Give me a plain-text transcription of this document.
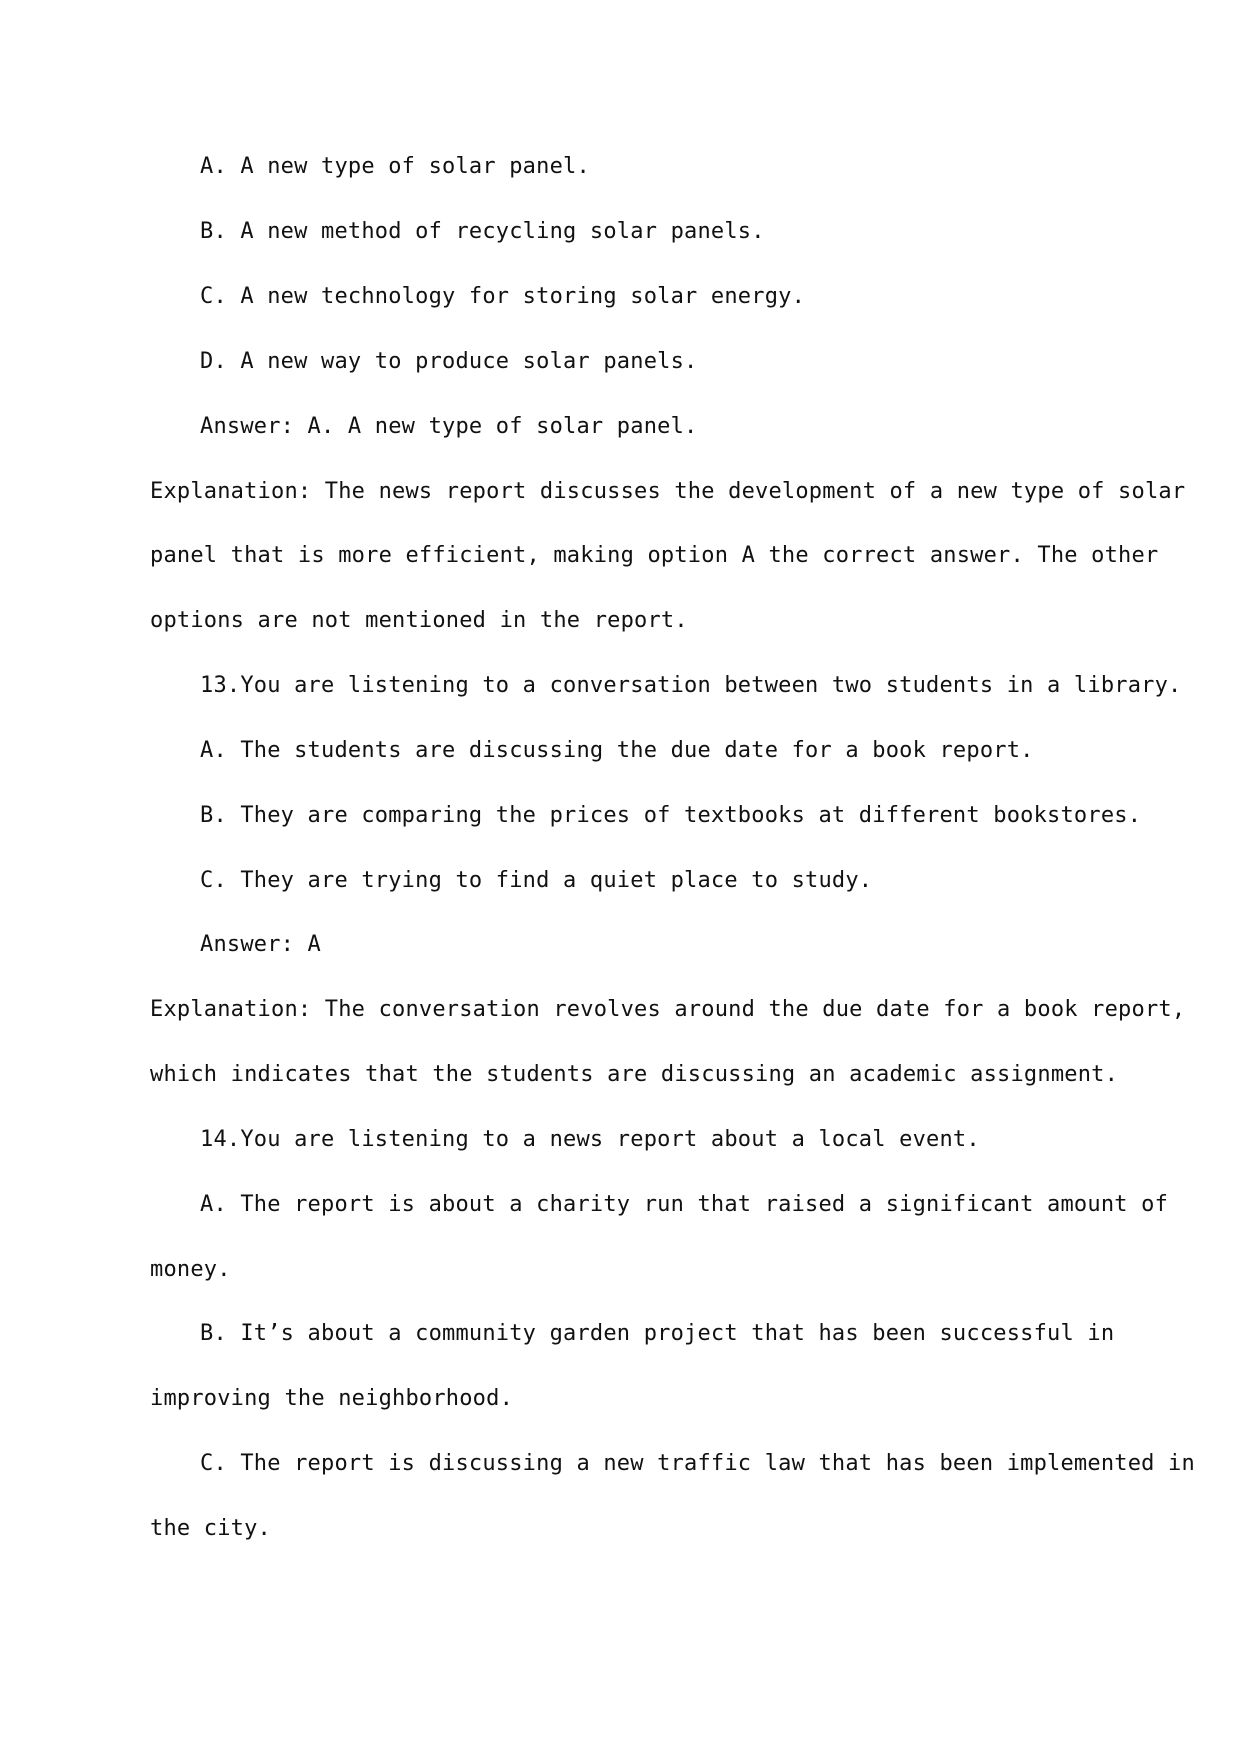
A. A new type of solar panel.
B. A new method of recycling solar panels.
C. A new technology for storing solar energy.
D. A new way to produce solar panels.
Answer: A. A new type of solar panel.
Explanation: The news report discusses the development of a new type of solar
panel that is more efficient, making option A the correct answer. The other
options are not mentioned in the report.
13.You are listening to a conversation between two students in a library.
A. The students are discussing the due date for a book report.
B. They are comparing the prices of textbooks at different bookstores.
C. They are trying to find a quiet place to study.
Answer: A
Explanation: The conversation revolves around the due date for a book report,
which indicates that the students are discussing an academic assignment.
14.You are listening to a news report about a local event.
A. The report is about a charity run that raised a significant amount of
money.
B. It’s about a community garden project that has been successful in
improving the neighborhood.
C. The report is discussing a new traffic law that has been implemented in
the city.
